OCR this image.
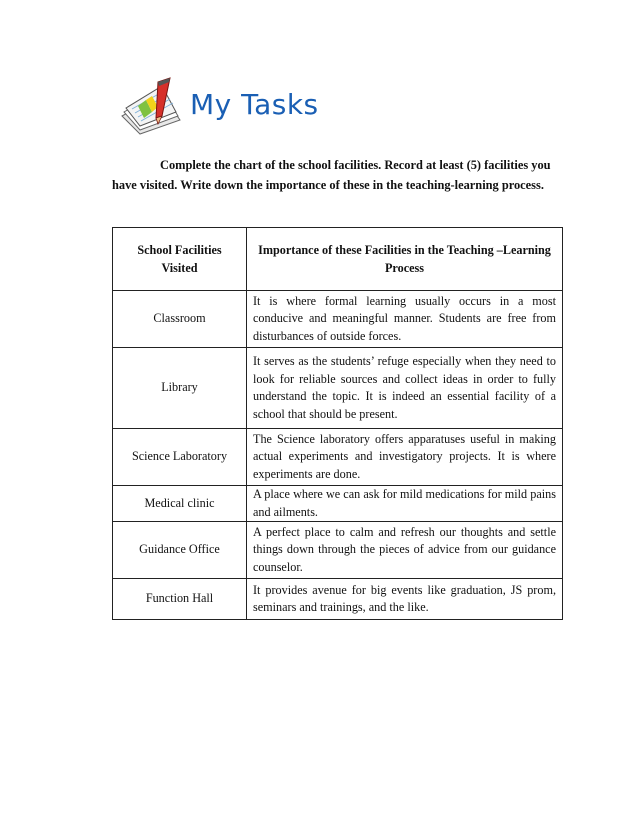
My Tasks
Complete the chart of the school facilities. Record at least (5) facilities you
have visited. Write down the importance of these in the teaching-learning process.
School Facilities Visited	Importance of these Facilities in the Teaching –Learning Process
Classroom	It is where formal learning usually occurs in a most conducive and meaningful manner. Students are free from disturbances of outside forces.
Library	It serves as the students’ refuge especially when they need to look for reliable sources and collect ideas in order to fully understand the topic. It is indeed an essential facility of a school that should be present.
Science Laboratory	The Science laboratory offers apparatuses useful in making actual experiments and investigatory projects. It is where experiments are done.
Medical clinic	A place where we can ask for mild medications for mild pains and ailments.
Guidance Office	A perfect place to calm and refresh our thoughts and settle things down through the pieces of advice from our guidance counselor.
Function Hall	It provides avenue for big events like graduation, JS prom, seminars and trainings, and the like.
